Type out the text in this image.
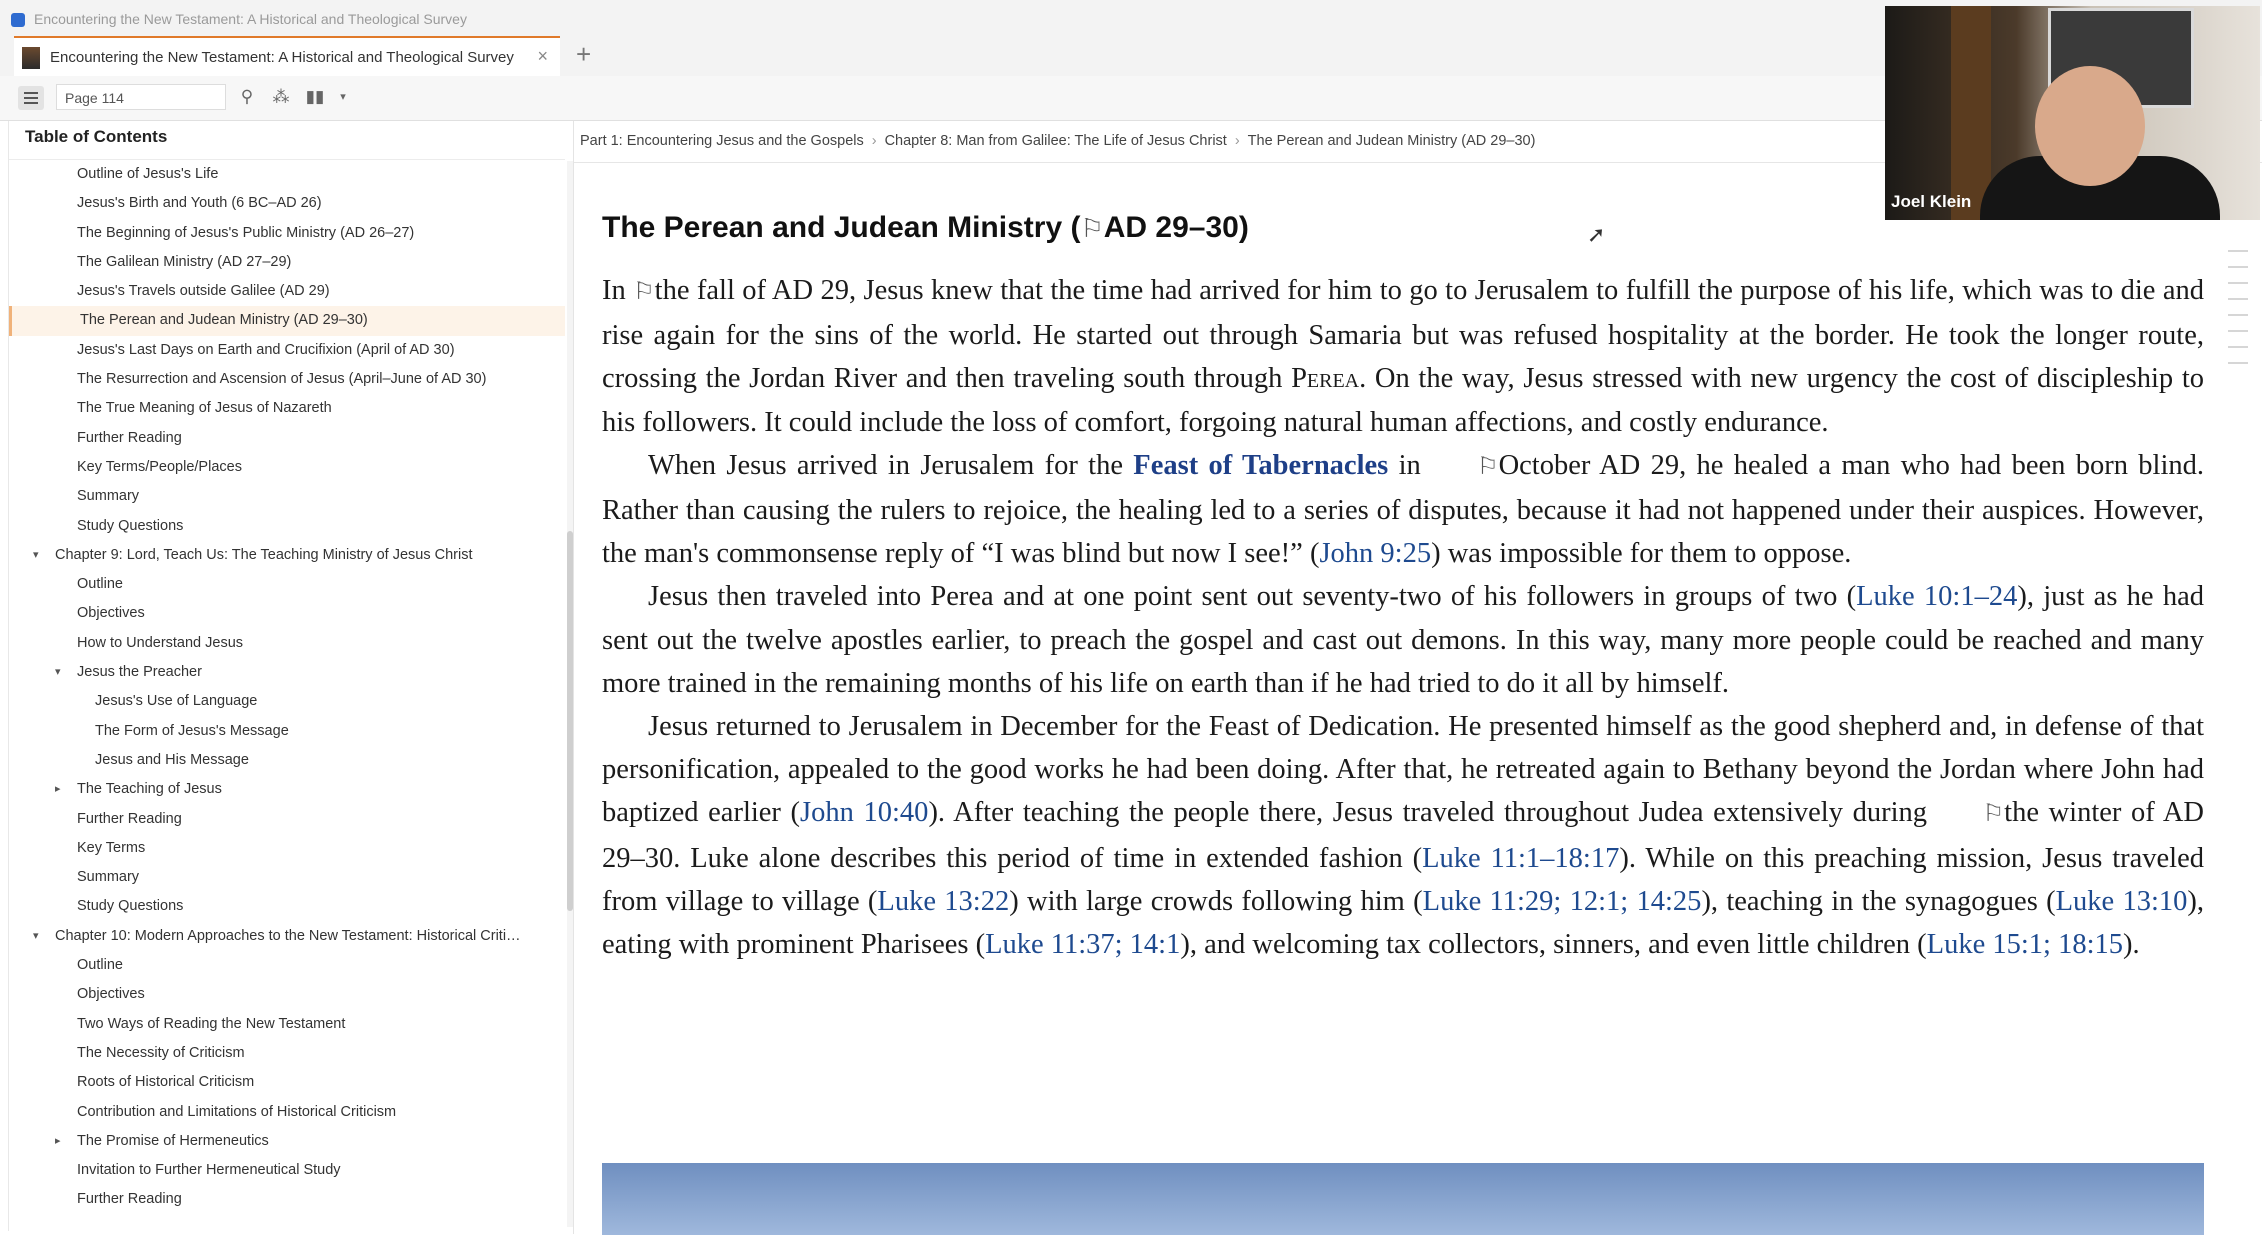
Encountering the New Testament: A Historical and Theological Survey
Encountering the New Testament: A Historical and Theological Survey × +
Page 114	⚲ ⁂ ▮▮	▾
Table of Contents
Outline of Jesus's Life
Jesus's Birth and Youth (6 BC–AD 26)
The Beginning of Jesus's Public Ministry (AD 26–27)
The Galilean Ministry (AD 27–29)
Jesus's Travels outside Galilee (AD 29)
The Perean and Judean Ministry (AD 29–30)
Jesus's Last Days on Earth and Crucifixion (April of AD 30)
The Resurrection and Ascension of Jesus (April–June of AD 30)
The True Meaning of Jesus of Nazareth
Further Reading
Key Terms/People/Places
Summary
Study Questions
▾ Chapter 9: Lord, Teach Us: The Teaching Ministry of Jesus Christ
Outline
Objectives
How to Understand Jesus
▾ Jesus the Preacher
Jesus's Use of Language
The Form of Jesus's Message
Jesus and His Message
▸ The Teaching of Jesus
Further Reading
Key Terms
Summary
Study Questions
▾ Chapter 10: Modern Approaches to the New Testament: Historical Criti…
Outline
Objectives
Two Ways of Reading the New Testament
The Necessity of Criticism
Roots of Historical Criticism
Contribution and Limitations of Historical Criticism
▸ The Promise of Hermeneutics
Invitation to Further Hermeneutical Study
Further Reading
Part 1: Encountering Jesus and the Gospels › Chapter 8: Man from Galilee: The Life of Jesus Christ › The Perean and Judean Ministry (AD 29–30)
The Perean and Judean Ministry (⚐AD 29–30)

In ⚐the fall of AD 29, Jesus knew that the time had arrived for him to go to Jerusalem to fulfill the purpose of his life, which was to die and rise again for the sins of the world. He started out through Samaria but was refused hospitality at the border. He took the longer route, crossing the Jordan River and then traveling south through Perea. On the way, Jesus stressed with new urgency the cost of discipleship to his followers. It could include the loss of comfort, forgoing natural human affections, and costly endurance.

When Jesus arrived in Jerusalem for the Feast of Tabernacles in ⚐October AD 29, he healed a man who had been born blind. Rather than causing the rulers to rejoice, the healing led to a series of disputes, because it had not happened under their auspices. However, the man's commonsense reply of “I was blind but now I see!” (John 9:25) was impossible for them to oppose.

Jesus then traveled into Perea and at one point sent out seventy-two of his followers in groups of two (Luke 10:1–24), just as he had sent out the twelve apostles earlier, to preach the gospel and cast out demons. In this way, many more people could be reached and many more trained in the remaining months of his life on earth than if he had tried to do it all by himself.

Jesus returned to Jerusalem in December for the Feast of Dedication. He presented himself as the good shepherd and, in defense of that personification, appealed to the good works he had been doing. After that, he retreated again to Bethany beyond the Jordan where John had baptized earlier (John 10:40). After teaching the people there, Jesus traveled throughout Judea extensively during ⚐the winter of AD 29–30. Luke alone describes this period of time in extended fashion (Luke 11:1–18:17). While on this preaching mission, Jesus traveled from village to village (Luke 13:22) with large crowds following him (Luke 11:29; 12:1; 14:25), teaching in the synagogues (Luke 13:10), eating with prominent Pharisees (Luke 11:37; 14:1), and welcoming tax collectors, sinners, and even little children (Luke 15:1; 18:15).

Joel Klein
➚
